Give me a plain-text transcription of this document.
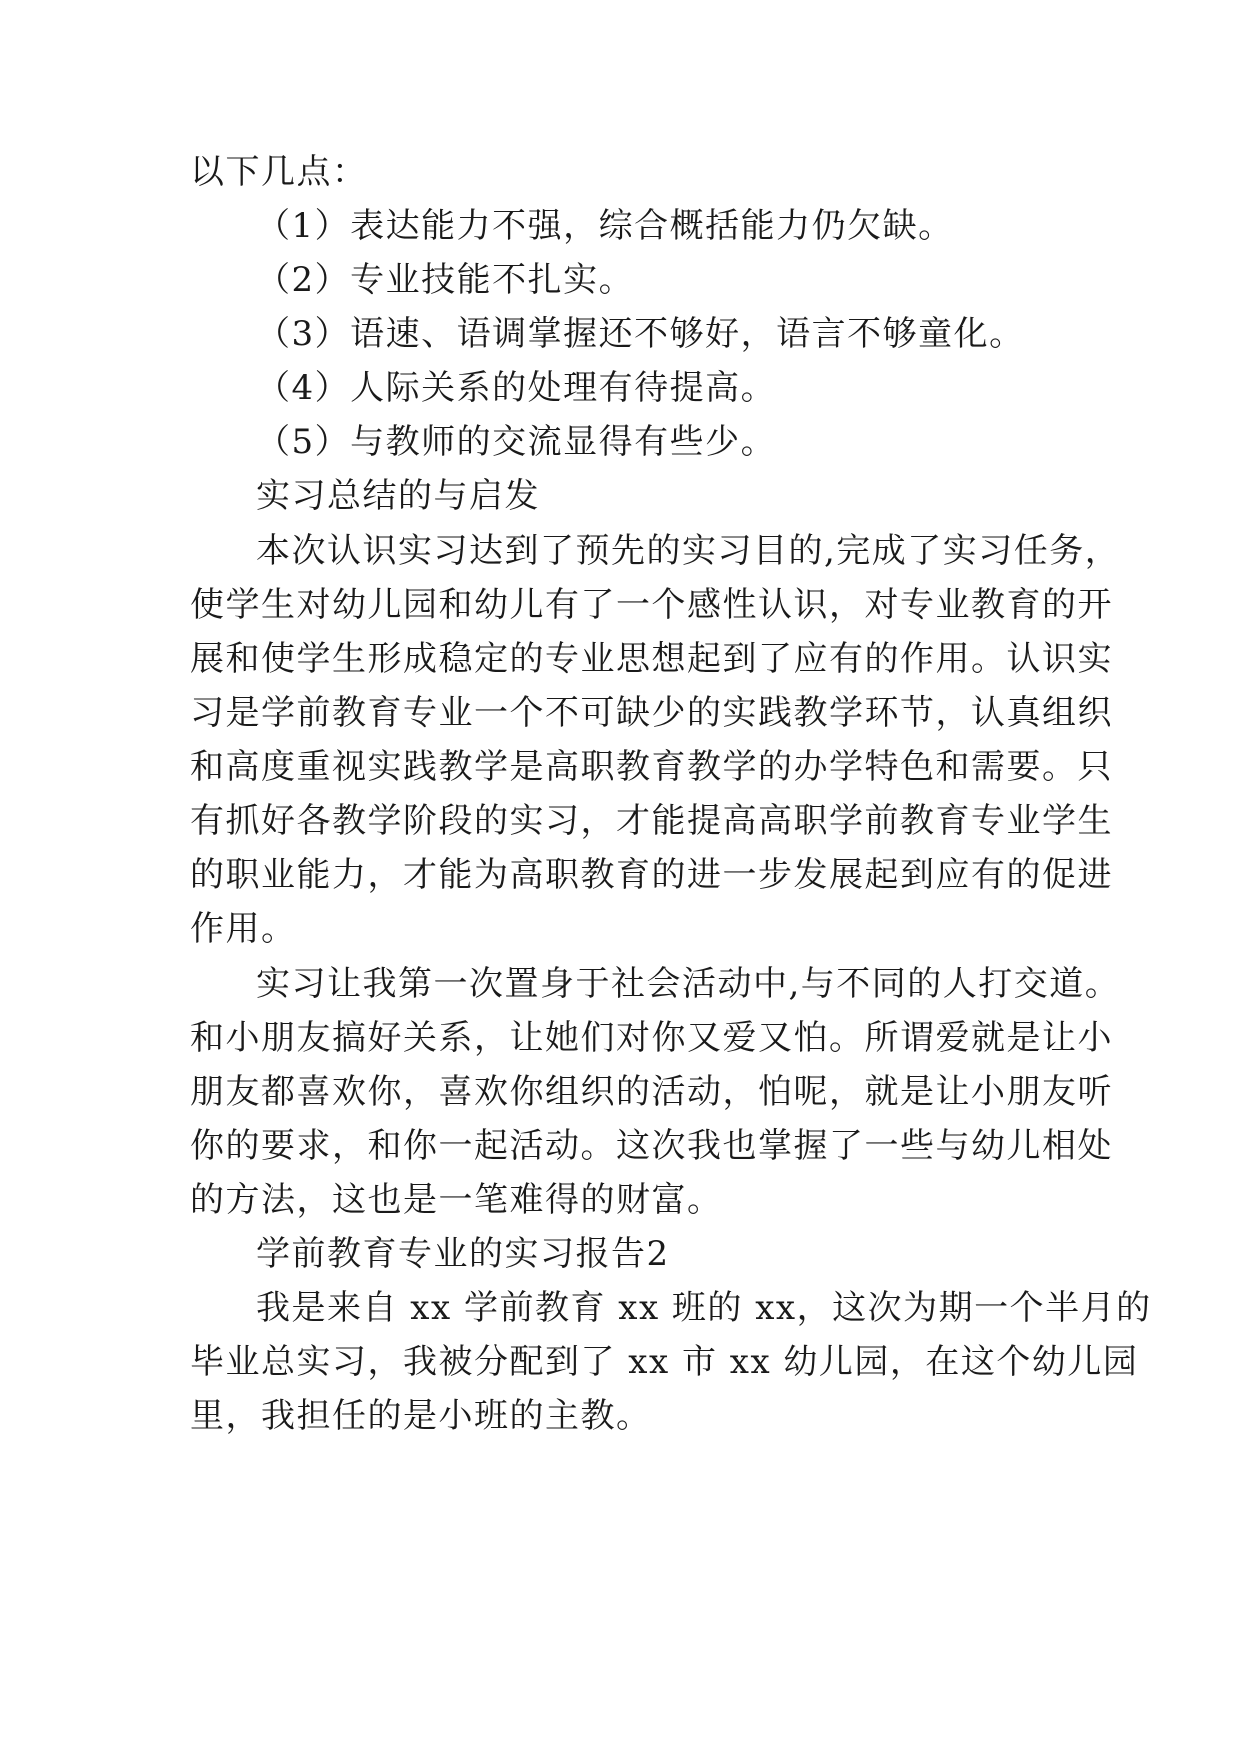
以下几点：
（1）表达能力不强，综合概括能力仍欠缺。
（2）专业技能不扎实。
（3）语速、语调掌握还不够好，语言不够童化。
（4）人际关系的处理有待提高。
（5）与教师的交流显得有些少。
实习总结的与启发
本次认识实习达到了预先的实习目的,完成了实习任务，
使学生对幼儿园和幼儿有了一个感性认识，对专业教育的开
展和使学生形成稳定的专业思想起到了应有的作用。认识实
习是学前教育专业一个不可缺少的实践教学环节，认真组织
和高度重视实践教学是高职教育教学的办学特色和需要。只
有抓好各教学阶段的实习，才能提高高职学前教育专业学生
的职业能力，才能为高职教育的进一步发展起到应有的促进
作用。
实习让我第一次置身于社会活动中,与不同的人打交道。
和小朋友搞好关系，让她们对你又爱又怕。所谓爱就是让小
朋友都喜欢你，喜欢你组织的活动，怕呢，就是让小朋友听
你的要求，和你一起活动。这次我也掌握了一些与幼儿相处
的方法，这也是一笔难得的财富。
学前教育专业的实习报告2
我是来自 xx 学前教育 xx 班的 xx，这次为期一个半月的
毕业总实习，我被分配到了 xx 市 xx 幼儿园，在这个幼儿园
里，我担任的是小班的主教。
